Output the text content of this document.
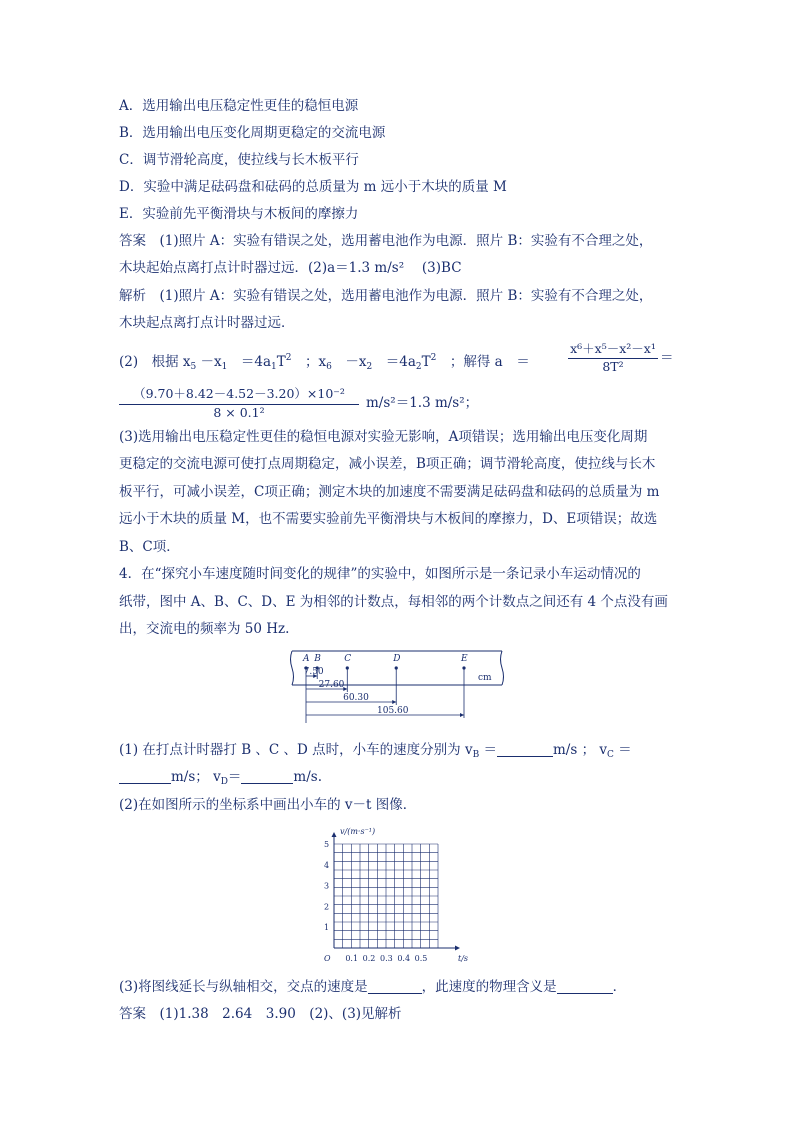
A．选用输出电压稳定性更佳的稳恒电源
B．选用输出电压变化周期更稳定的交流电源
C．调节滑轮高度，使拉线与长木板平行
D．实验中满足砝码盘和砝码的总质量为 m 远小于木块的质量 M
E．实验前先平衡滑块与木板间的摩擦力
答案　(1)照片 A：实验有错误之处，选用蓄电池作为电源．照片 B：实验有不合理之处，
木块起始点离打点计时器过远．(2)a＝1.3 m/s² 　(3)BC
解析　(1)照片 A：实验有错误之处，选用蓄电池作为电源．照片 B：实验有不合理之处，
木块起点离打点计时器过远．
(2)　根据 $x_5 -x_1$　$=4a_1T^2$　；$x_6$　$-x_2$　$=4a_2T^2$　；解得 a　＝	$\frac{\text{x⁶＋x⁵－x²－x¹}}{\text{8T²}}$ ＝
$\frac{\text{（9.70＋8.42－4.52－3.20）×10⁻²}}{\text{8 × 0.1²}} m/s^2=1.3$ m/s²；
(3)选用输出电压稳定性更佳的稳恒电源对实验无影响，A项错误；选用输出电压变化周期
更稳定的交流电源可使打点周期稳定，减小误差，B项正确；调节滑轮高度，使拉线与长木
板平行，可减小误差，C项正确；测定木块的加速度不需要满足砝码盘和砝码的总质量为 m
远小于木块的质量 M，也不需要实验前先平衡滑块与木板间的摩擦力，D、E项错误；故选
B、C项．
4．在“探究小车速度随时间变化的规律”的实验中，如图所示是一条记录小车运动情况的
纸带，图中 A、B、C、D、E 为相邻的计数点，每相邻的两个计数点之间还有 4 个点没有画
出，交流电的频率为 50 Hz.
A B	C	D	E
cm
7.50
27.60
60.30
105.60
(1) 在打点计时器打 B 、C 、D 点时，小车的速度分别为 $v_B$ ＝	m/s ； $v_C$ ＝
m/s； $v_D=$	m/s.
(2)在如图所示的坐标系中画出小车的 v－t 图像．
1
2
3
4
5
0.1 0.2 0.3 0.4 0.5
v/(m·s⁻¹)
t/s
O
(3)将图线延长与纵轴相交，交点的速度是	，此速度的物理含义是	．
答案　(1)1.38　2.64　3.90　(2)、(3)见解析
